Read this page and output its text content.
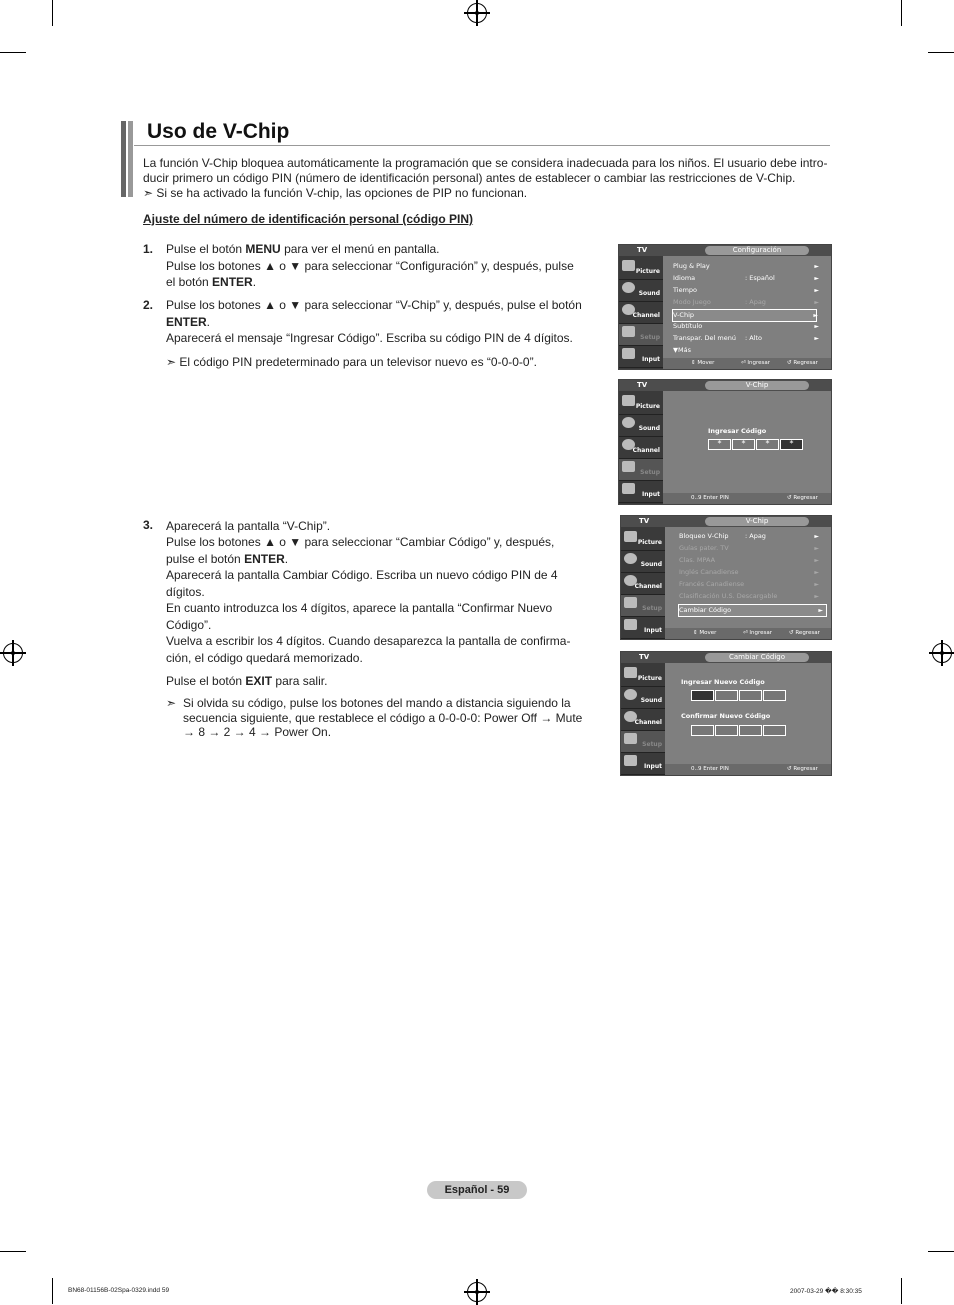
Uso de V-Chip
La función V-Chip bloquea automáticamente la programación que se considera inadecuada para los niños. El usuario debe intro-
ducir primero un código PIN (número de identificación personal) antes de establecer o cambiar las restricciones de V-Chip.
➣ Si se ha activado la función V-chip, las opciones de PIP no funcionan.
Ajuste del número de identificación personal (código PIN)
1. Pulse el botón MENU para ver el menú en pantalla.
Pulse los botones ▲ o ▼ para seleccionar “Configuración” y, después, pulse
el botón ENTER.
2. Pulse los botones ▲ o ▼ para seleccionar “V-Chip” y, después, pulse el botón
ENTER.
Aparecerá el mensaje “Ingresar Código”. Escriba su código PIN de 4 dígitos.
➣ El código PIN predeterminado para un televisor nuevo es “0-0-0-0”.
3. Aparecerá la pantalla “V-Chip”.
Pulse los botones ▲ o ▼ para seleccionar “Cambiar Código” y, después,
pulse el botón ENTER.
Aparecerá la pantalla Cambiar Código. Escriba un nuevo código PIN de 4
dígitos.
En cuanto introduzca los 4 dígitos, aparece la pantalla “Confirmar Nuevo
Código”.
Vuelva a escribir los 4 dígitos. Cuando desaparezca la pantalla de confirma-
ción, el código quedará memorizado.
Pulse el botón EXIT para salir.
➣ Si olvida su código, pulse los botones del mando a distancia siguiendo la
secuencia siguiente, que restablece el código a 0-0-0-0: Power Off → Mute
→ 8 → 2 → 4 → Power On.
TV	Configuración
Picture
Sound
Channel
Setup
Input
Plug & Play	►
Idioma	: Español	►
Tiempo	►
Modo Juego	: Apag	►
V-Chip	►
Subtítulo	►
Transpar. Del menú : Alto	►
▼Más
⇕ Mover	⏎ Ingresar	↺ Regresar
TV	V-Chip
Picture
Sound
Channel
Setup
Input
Ingresar Código
*	*	*	*
0..9 Enter PIN	↺ Regresar
TV	V-Chip
Picture
Sound
Channel
Setup
Input
Bloqueo V-Chip	: Apag	►
Guías pater. TV	►
Clas. MPAA	►
Inglés Canadiense	►
Francés Canadiense	►
Clasificación U.S. Descargable	►
Cambiar Código	►
⇕ Mover	⏎ Ingresar	↺ Regresar
TV	Cambiar Código
Picture
Sound
Channel
Setup
Input
Ingresar Nuevo Código
Confirmar Nuevo Código
0..9 Enter PIN	↺ Regresar
Español - 59
BN68-01156B-02Spa-0329.indd 59	2007-03-29 �� 8:30:35
